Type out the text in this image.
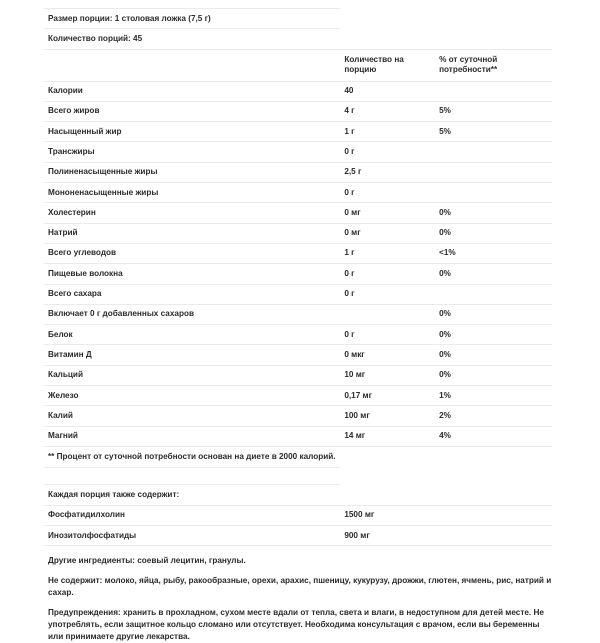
Размер порции: 1 столовая ложка (7,5 г)		
Количество порций: 45		
	Количество на порцию	% от суточной потребности**
Калории	40	
Всего жиров	4 г	5%
Насыщенный жир	1 г	5%
Трансжиры	0 г	
Полиненасыщенные жиры	2,5 г	
Мононенасыщенные жиры	0 г	
Холестерин	0 мг	0%
Натрий	0 мг	0%
Всего углеводов	1 г	<1%
Пищевые волокна	0 г	0%
Всего сахара	0 г	
Включает 0 г добавленных сахаров		0%
Белок	0 г	0%
Витамин Д	0 мкг	0%
Кальций	10 мг	0%
Железо	0,17 мг	1%
Калий	100 мг	2%
Магний	14 мг	4%
** Процент от суточной потребности основан на диете в 2000 калорий.		

Каждая порция также содержит:		
Фосфатидилхолин	1500 мг	
Инозитолфосфатиды	900 мг	

Другие ингредиенты: соевый лецитин, гранулы.

Не содержит: молоко, яйца, рыбу, ракообразные, орехи, арахис, пшеницу, кукурузу, дрожжи, глютен, ячмень, рис, натрий и сахар.

Предупреждения: хранить в прохладном, сухом месте вдали от тепла, света и влаги, в недоступном для детей месте. Не употреблять, если защитное кольцо сломано или отсутствует. Необходима консультация с врачом, если вы беременны или принимаете другие лекарства.
